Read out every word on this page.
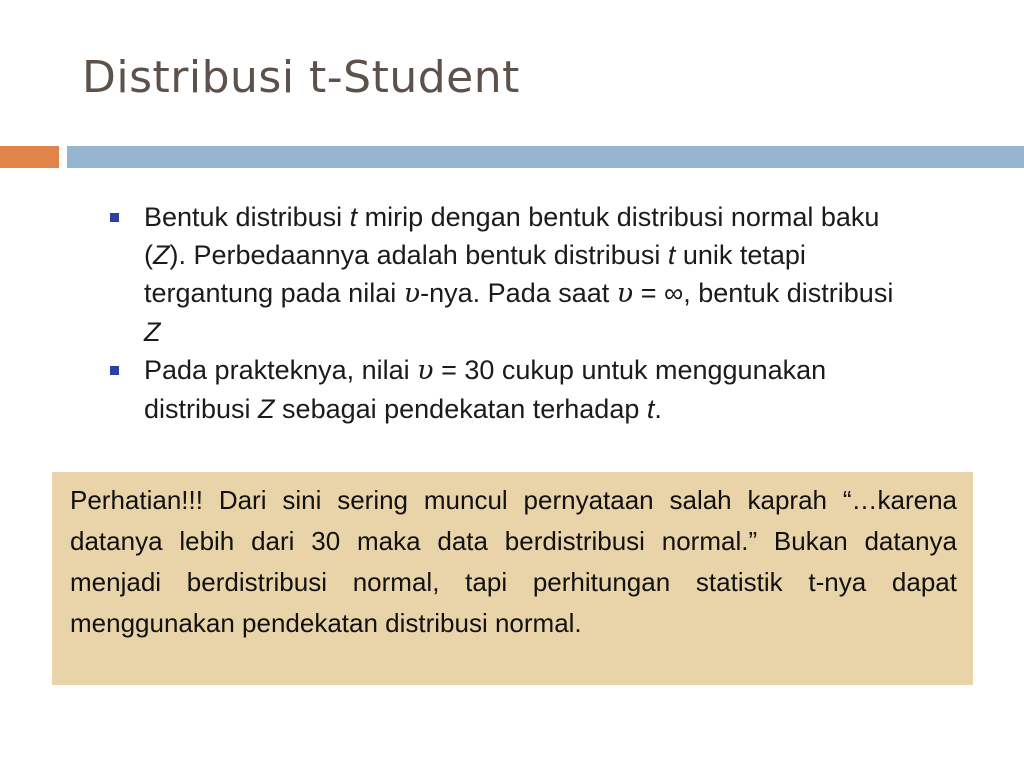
Distribusi t-Student
Bentuk distribusi t mirip dengan bentuk distribusi normal baku (Z). Perbedaannya adalah bentuk distribusi t unik tetapi tergantung pada nilai υ-nya. Pada saat υ = ∞, bentuk distribusi Z
Pada prakteknya, nilai υ = 30 cukup untuk menggunakan distribusi Z sebagai pendekatan terhadap t.

Perhatian!!! Dari sini sering muncul pernyataan salah kaprah “…karena datanya lebih dari 30 maka data berdistribusi normal.” Bukan datanya menjadi berdistribusi normal, tapi perhitungan statistik t-nya dapat menggunakan pendekatan distribusi normal.
